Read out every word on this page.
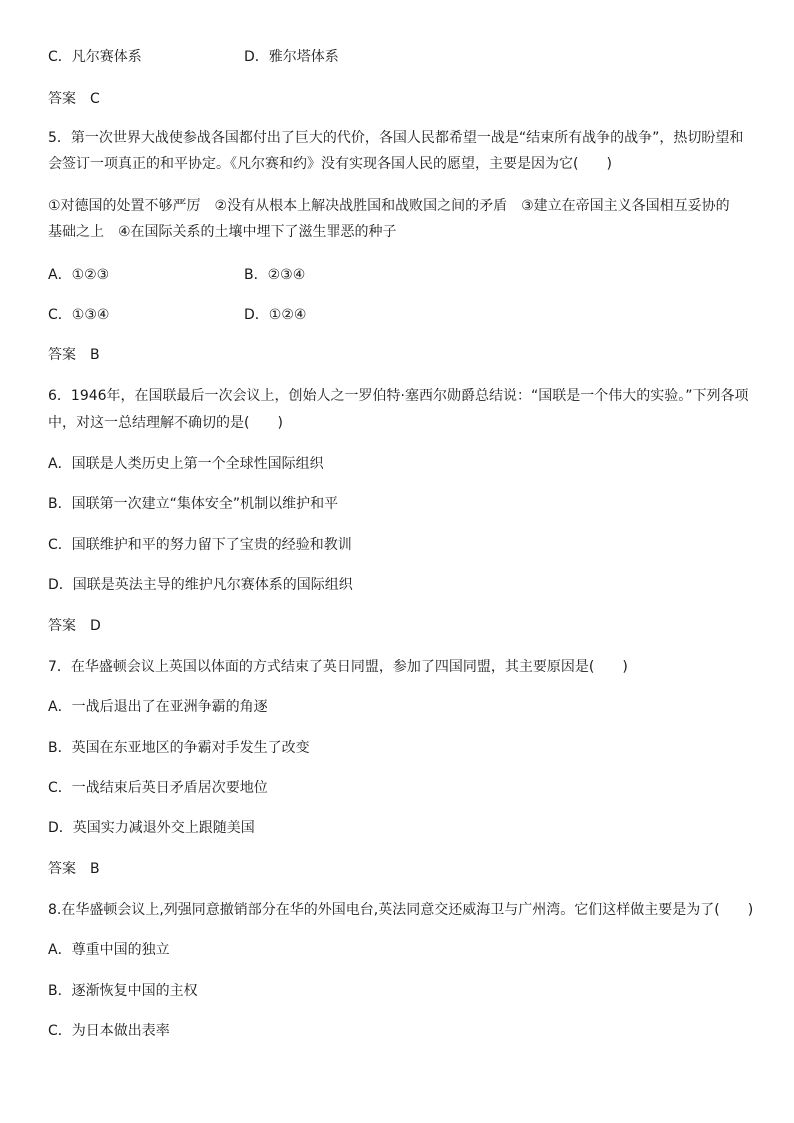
C．凡尔赛体系	D．雅尔塔体系
答案　C
5．第一次世界大战使参战各国都付出了巨大的代价，各国人民都希望一战是“结束所有战争的战争”，热切盼望和
会签订一项真正的和平协定。《凡尔赛和约》没有实现各国人民的愿望，主要是因为它(　　)
①对德国的处置不够严厉　②没有从根本上解决战胜国和战败国之间的矛盾　③建立在帝国主义各国相互妥协的
基础之上　④在国际关系的土壤中埋下了滋生罪恶的种子
A．①②③	B．②③④
C．①③④	D．①②④
答案　B
6．1946年，在国联最后一次会议上，创始人之一罗伯特·塞西尔勋爵总结说：“国联是一个伟大的实验。”下列各项
中，对这一总结理解不确切的是(　　)
A．国联是人类历史上第一个全球性国际组织
B．国联第一次建立“集体安全”机制以维护和平
C．国联维护和平的努力留下了宝贵的经验和教训
D．国联是英法主导的维护凡尔赛体系的国际组织
答案　D
7．在华盛顿会议上英国以体面的方式结束了英日同盟，参加了四国同盟，其主要原因是(　　)
A．一战后退出了在亚洲争霸的角逐
B．英国在东亚地区的争霸对手发生了改变
C．一战结束后英日矛盾居次要地位
D．英国实力减退外交上跟随美国
答案　B
8.在华盛顿会议上,列强同意撤销部分在华的外国电台,英法同意交还威海卫与广州湾。它们这样做主要是为了(　　)
A．尊重中国的独立
B．逐渐恢复中国的主权
C．为日本做出表率
